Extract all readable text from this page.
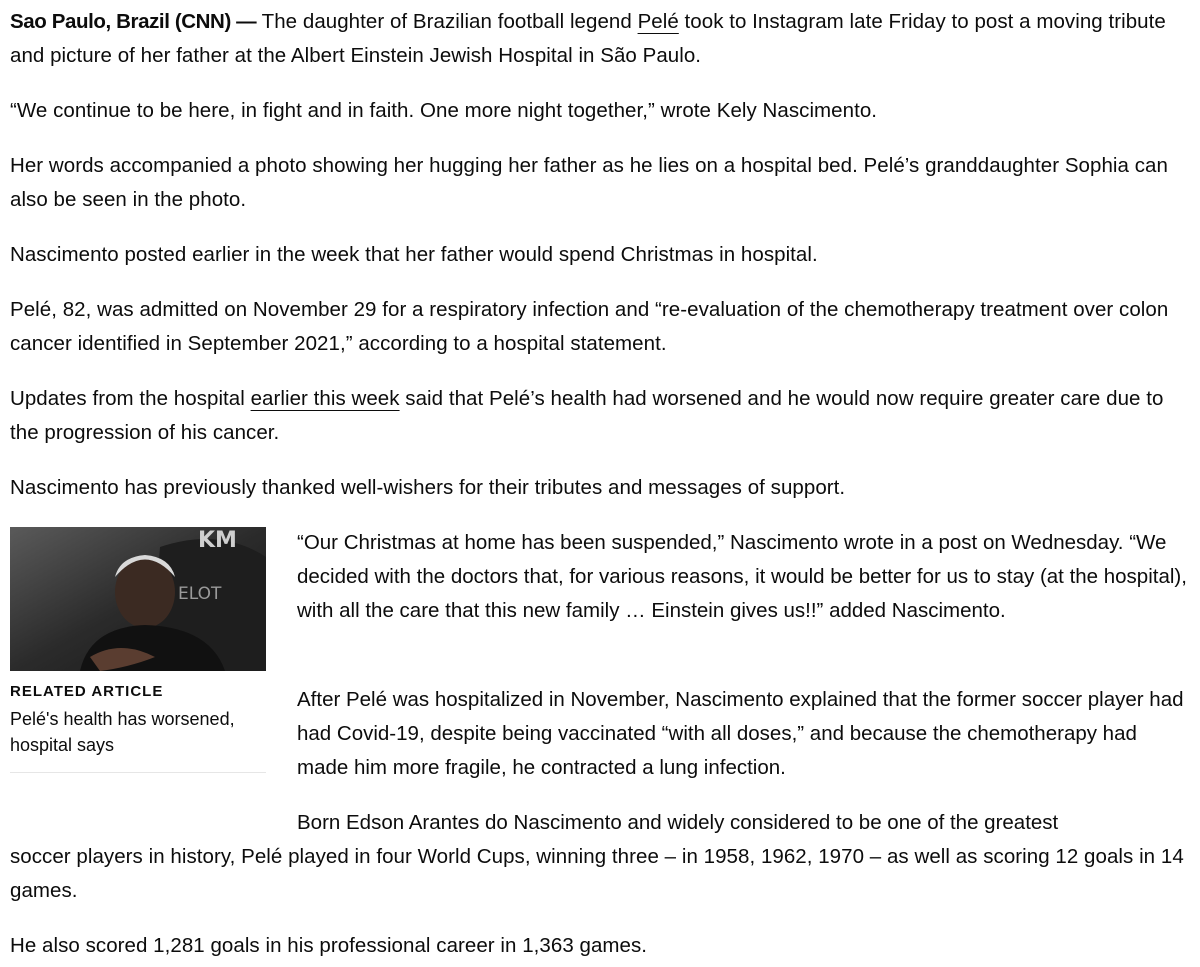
Sao Paulo, Brazil (CNN) — The daughter of Brazilian football legend Pelé took to Instagram late Friday to post a moving tribute and picture of her father at the Albert Einstein Jewish Hospital in São Paulo.

“We continue to be here, in fight and in faith. One more night together,” wrote Kely Nascimento.

Her words accompanied a photo showing her hugging her father as he lies on a hospital bed. Pelé’s granddaughter Sophia can also be seen in the photo.

Nascimento posted earlier in the week that her father would spend Christmas in hospital.

Pelé, 82, was admitted on November 29 for a respiratory infection and “re-evaluation of the chemotherapy treatment over colon cancer identified in September 2021,” according to a hospital statement.

Updates from the hospital earlier this week said that Pelé’s health had worsened and he would now require greater care due to the progression of his cancer.

Nascimento has previously thanked well-wishers for their tributes and messages of support.

KM
ELOT
RELATED ARTICLE
Pelé's health has worsened, hospital says

“Our Christmas at home has been suspended,” Nascimento wrote in a post on Wednesday. “We decided with the doctors that, for various reasons, it would be better for us to stay (at the hospital), with all the care that this new family … Einstein gives us!!” added Nascimento.

After Pelé was hospitalized in November, Nascimento explained that the former soccer player had had Covid-19, despite being vaccinated “with all doses,” and because the chemotherapy had made him more fragile, he contracted a lung infection.

Born Edson Arantes do Nascimento and widely considered to be one of the greatest

soccer players in history, Pelé played in four World Cups, winning three – in 1958, 1962, 1970 – as well as scoring 12 goals in 14 games.

He also scored 1,281 goals in his professional career in 1,363 games.
